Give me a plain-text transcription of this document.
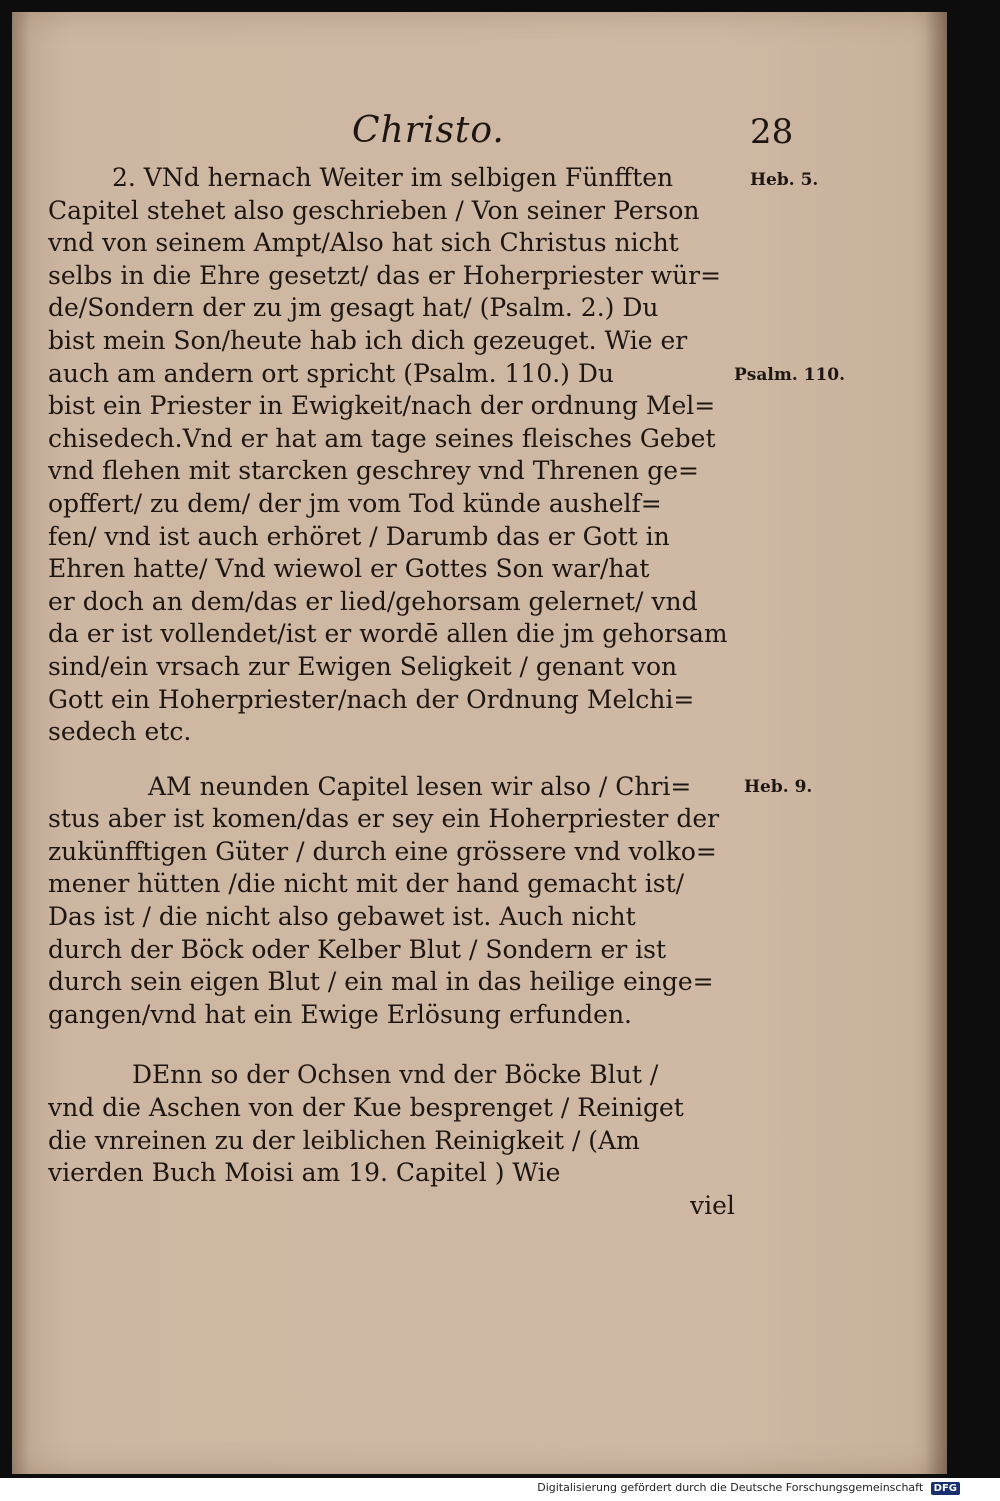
Christo.	28
Heb. 5.
Psalm. 110.
Heb. 9.
2. VNd hernach Weiter im selbigen Fünfften
Capitel stehet also geschrieben / Von seiner Person
vnd von seinem Ampt/Also hat sich Christus nicht
selbs in die Ehre gesetzt/ das er Hoherpriester wür=
de/Sondern der zu jm gesagt hat/ (Psalm. 2.) Du
bist mein Son/heute hab ich dich gezeuget. Wie er
auch am andern ort spricht (Psalm. 110.) Du
bist ein Priester in Ewigkeit/nach der ordnung Mel=
chisedech.Vnd er hat am tage seines fleisches Gebet
vnd flehen mit starcken geschrey vnd Threnen ge=
opffert/ zu dem/ der jm vom Tod künde aushelf=
fen/ vnd ist auch erhöret / Darumb das er Gott in
Ehren hatte/ Vnd wiewol er Gottes Son war/hat
er doch an dem/das er lied/gehorsam gelernet/ vnd
da er ist vollendet/ist er wordē allen die jm gehorsam
sind/ein vrsach zur Ewigen Seligkeit / genant von
Gott ein Hoherpriester/nach der Ordnung Melchi=
sedech etc.
AM neunden Capitel lesen wir also / Chri=
stus aber ist komen/das er sey ein Hoherpriester der
zukünfftigen Güter / durch eine grössere vnd volko=
mener hütten /die nicht mit der hand gemacht ist/
Das ist / die nicht also gebawet ist. Auch nicht
durch der Böck oder Kelber Blut / Sondern er ist
durch sein eigen Blut / ein mal in das heilige einge=
gangen/vnd hat ein Ewige Erlösung erfunden.
DEnn so der Ochsen vnd der Böcke Blut /
vnd die Aschen von der Kue besprenget / Reiniget
die vnreinen zu der leiblichen Reinigkeit / (Am
vierden Buch Moisi am 19. Capitel ) Wie
viel
Digitalisierung gefördert durch die Deutsche Forschungsgemeinschaft DFG
